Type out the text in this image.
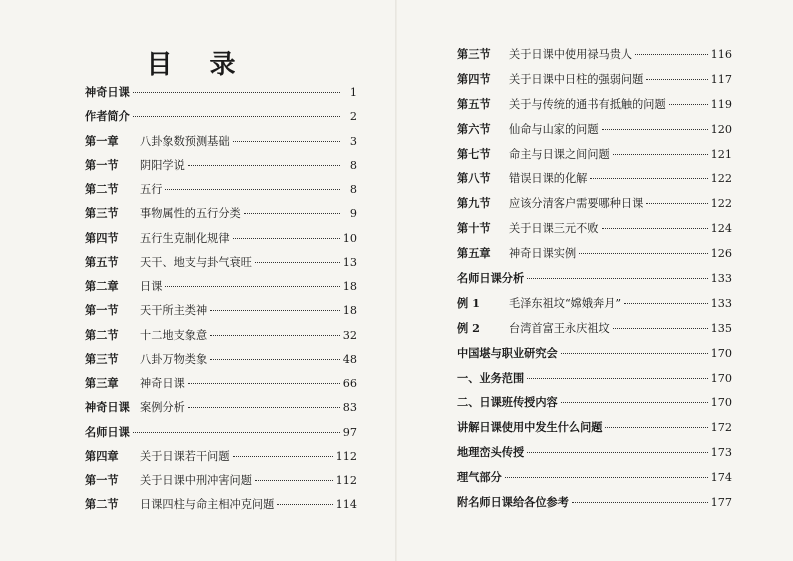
目 录
神奇日课	1
作者简介	2
第一章	八卦象数预测基础	3
第一节	阴阳学说	8
第二节	五行	8
第三节	事物属性的五行分类	9
第四节	五行生克制化规律	10
第五节	天干、地支与卦气衰旺	13
第二章	日课	18
第一节	天干所主类神	18
第二节	十二地支象意	32
第三节	八卦万物类象	48
第三章	神奇日课	66
神奇日课 案例分析	83
名师日课	97
第四章	关于日课若干问题	112
第一节	关于日课中刑冲害问题	112
第二节	日课四柱与命主相冲克问题	114
第三节	关于日课中使用禄马贵人	116
第四节	关于日课中日柱的强弱问题	117
第五节	关于与传统的通书有抵触的问题	119
第六节	仙命与山家的问题	120
第七节	命主与日课之间问题	121
第八节	错误日课的化解	122
第九节	应该分清客户需要哪种日课	122
第十节	关于日课三元不败	124
第五章	神奇日课实例	126
名师日课分析	133
例 1	毛泽东祖坟“嫦娥奔月”	133
例 2	台湾首富王永庆祖坟	135
中国堪与职业研究会	170
一、业务范围	170
二、日课班传授内容	170
讲解日课使用中发生什么问题	172
地理峦头传授	173
理气部分	174
附名师日课给各位参考	177
